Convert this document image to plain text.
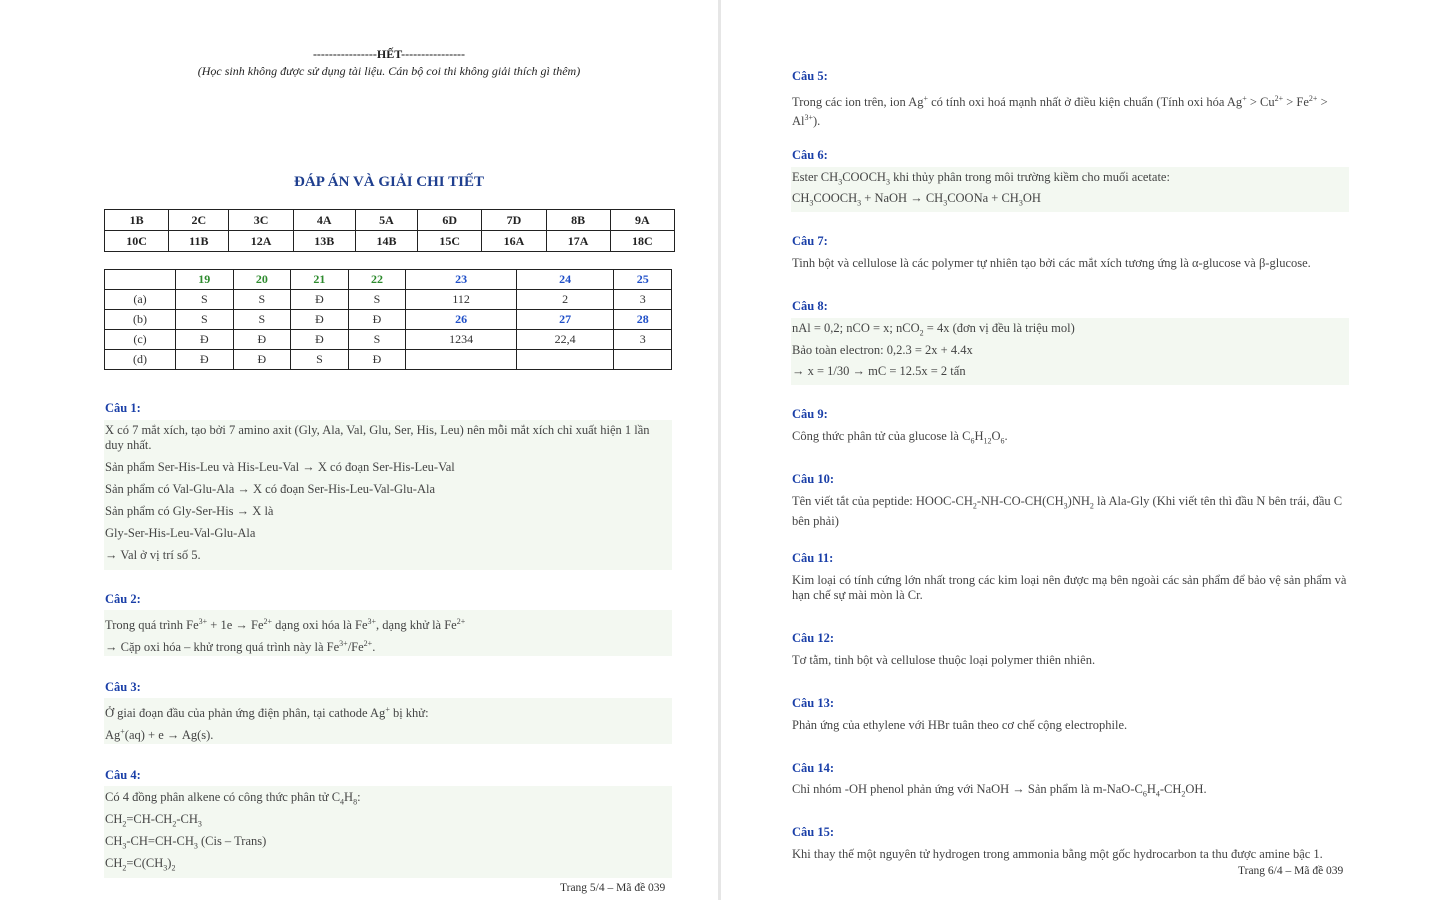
----------------HẾT----------------
(Học sinh không được sử dụng tài liệu. Cán bộ coi thi không giải thích gì thêm)
ĐÁP ÁN VÀ GIẢI CHI TIẾT
1B	2C	3C	4A	5A	6D	7D	8B	9A
10C	11B	12A	13B	14B	15C	16A	17A	18C
	19	20	21	22	23	24	25
(a)	S	S	Đ	S	112	2	3
(b)	S	S	Đ	Đ	26	27	28
(c)	Đ	Đ	Đ	S	1234	22,4	3
(d)	Đ	Đ	S	Đ			
Câu 1:
X có 7 mắt xích, tạo bởi 7 amino axit (Gly, Ala, Val, Glu, Ser, His, Leu) nên mỗi mắt xích chỉ xuất hiện 1 lần duy nhất.
Sản phẩm Ser-His-Leu và His-Leu-Val → X có đoạn Ser-His-Leu-Val
Sản phẩm có Val-Glu-Ala → X có đoạn Ser-His-Leu-Val-Glu-Ala
Sản phẩm có Gly-Ser-His → X là
Gly-Ser-His-Leu-Val-Glu-Ala
→ Val ở vị trí số 5.
Câu 2:
Trong quá trình $Fe^{3+} + 1e \to Fe^{2+}$ dạng oxi hóa là $Fe^{3+}$, dạng khử là $Fe^{2+}$
→ Cặp oxi hóa – khử trong quá trình này là $Fe^{3+}/Fe^{2+}$.
Câu 3:
Ở giai đoạn đầu của phản ứng điện phân, tại cathode Ag+ bị khử:
Ag+(aq) + e → Ag(s).
Câu 4:
Có 4 đồng phân alkene có công thức phân tử $C_4H_8$:
$CH_2=CH-CH_2-CH_3$
$CH_3-CH=CH-CH_3$ (Cis – Trans)
$CH_2=C(CH_3)_2$
Trang 5/4 – Mã đề 039
Câu 5:
Trong các ion trên, ion Ag+ có tính oxi hoá mạnh nhất ở điều kiện chuẩn (Tính oxi hóa $Ag^+ > Cu^{2+} > Fe^{2+} > Al^{3+}$).
Câu 6:
Ester $CH_3COOCH_3$ khi thủy phân trong môi trường kiềm cho muối acetate:
$CH_3COOCH_3$ + NaOH → $CH_3COONa + CH_3OH$
Câu 7:
Tinh bột và cellulose là các polymer tự nhiên tạo bởi các mắt xích tương ứng là α-glucose và β-glucose.
Câu 8:
nAl = 0,2; nCO = x; nCO$_2$ = 4x (đơn vị đều là triệu mol)
Bảo toàn electron: 0,2.3 = 2x + 4.4x
→ x = 1/30 → mC = 12.5x = 2 tấn
Câu 9:
Công thức phân tử của glucose là $C_6H_{12}O_6$.
Câu 10:
Tên viết tắt của peptide: HOOC-$CH_2-NH-CO-CH(CH_3)NH_2$ là Ala-Gly (Khi viết tên thì đầu N bên trái, đầu C bên phải)
Câu 11:
Kim loại có tính cứng lớn nhất trong các kim loại nên được mạ bên ngoài các sản phẩm để bảo vệ sản phẩm và hạn chế sự mài mòn là Cr.
Câu 12:
Tơ tằm, tinh bột và cellulose thuộc loại polymer thiên nhiên.
Câu 13:
Phản ứng của ethylene với HBr tuân theo cơ chế cộng electrophile.
Câu 14:
Chỉ nhóm -OH phenol phản ứng với NaOH → Sản phẩm là $m-NaO-C_6H_4-CH_2OH$.
Câu 15:
Khi thay thế một nguyên tử hydrogen trong ammonia bằng một gốc hydrocarbon ta thu được amine bậc 1.
Trang 6/4 – Mã đề 039
